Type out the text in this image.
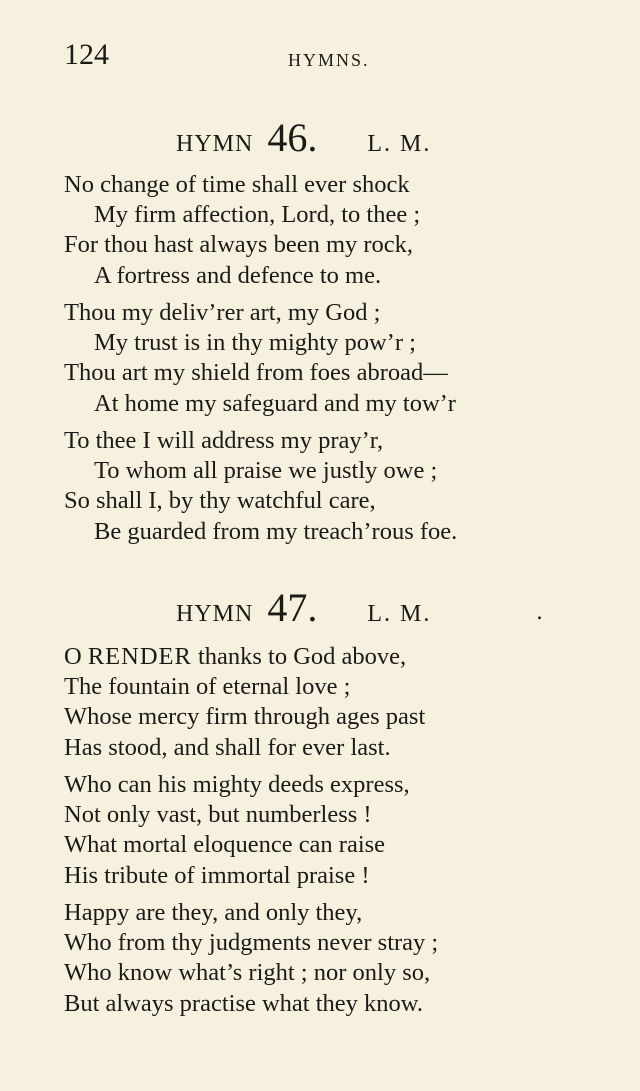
124	HYMNS.
HYMN 46. L. M.
No change of time shall ever shock
My firm affection, Lord, to thee ;
For thou hast always been my rock,
A fortress and defence to me.
Thou my deliv’rer art, my God ;
My trust is in thy mighty pow’r ;
Thou art my shield from foes abroad—
At home my safeguard and my tow’r
To thee I will address my pray’r,
To whom all praise we justly owe ;
So shall I, by thy watchful care,
Be guarded from my treach’rous foe.
HYMN 47. L. M.	.
O RENDER thanks to God above,
The fountain of eternal love ;
Whose mercy firm through ages past
Has stood, and shall for ever last.
Who can his mighty deeds express,
Not only vast, but numberless !
What mortal eloquence can raise
His tribute of immortal praise !
Happy are they, and only they,
Who from thy judgments never stray ;
Who know what’s right ; nor only so,
But always practise what they know.
